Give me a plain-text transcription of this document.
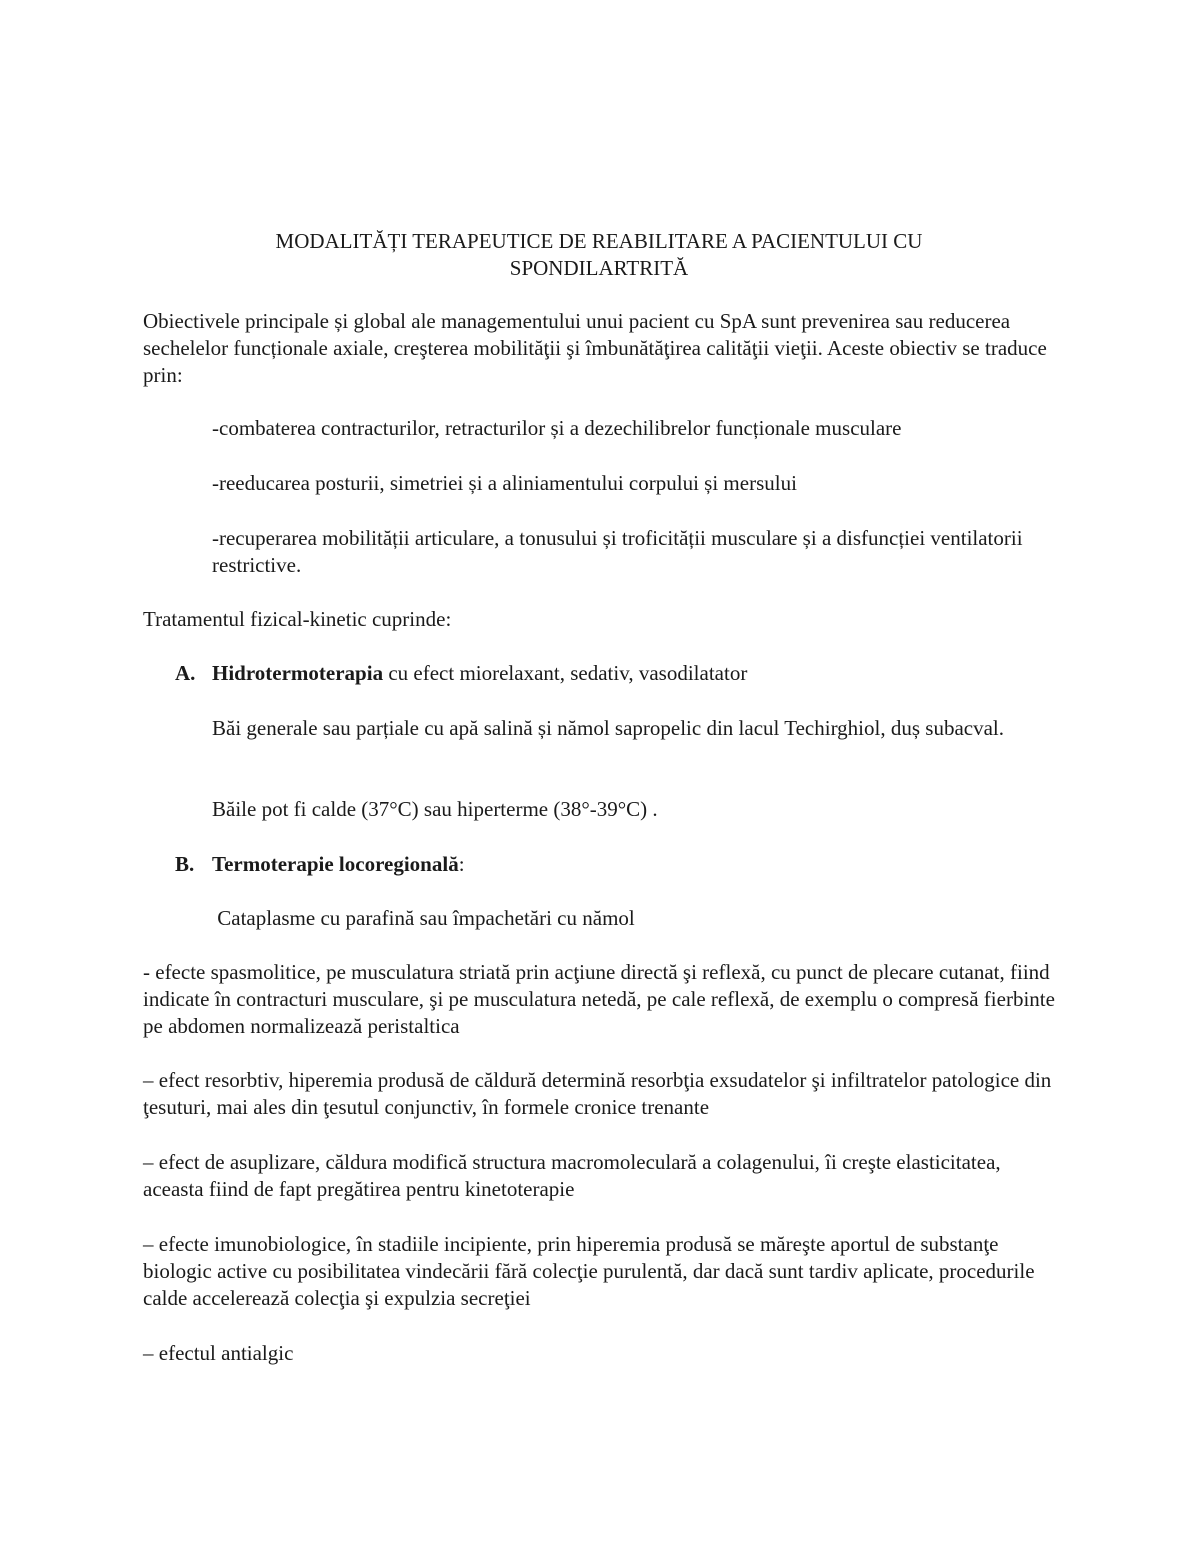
MODALITĂȚI TERAPEUTICE DE REABILITARE A PACIENTULUI CU
SPONDILARTRITĂ

Obiectivele principale și global ale managementului unui pacient cu SpA sunt prevenirea sau reducerea sechelelor funcționale axiale, creşterea mobilităţii şi îmbunătăţirea calităţii vieţii. Aceste obiectiv se traduce prin:

-combaterea contracturilor, retracturilor și a dezechilibrelor funcționale musculare

-reeducarea posturii, simetriei și a aliniamentului corpului și mersului

-recuperarea mobilității articulare, a tonusului și troficității musculare și a disfuncției ventilatorii restrictive.

Tratamentul fizical-kinetic cuprinde:

A. Hidrotermoterapia cu efect miorelaxant, sedativ, vasodilatator

Băi generale sau parțiale cu apă salină și nămol sapropelic din lacul Techirghiol, duș subacval.

Băile pot fi calde (37°C) sau hiperterme (38°-39°C) .

B. Termoterapie locoregională:

Cataplasme cu parafină sau împachetări cu nămol

- efecte spasmolitice, pe musculatura striată prin acţiune directă şi reflexă, cu punct de plecare cutanat, fiind indicate în contracturi musculare, şi pe musculatura netedă, pe cale reflexă, de exemplu o compresă fierbinte pe abdomen normalizează peristaltica

– efect resorbtiv, hiperemia produsă de căldură determină resorbţia exsudatelor şi infiltratelor patologice din ţesuturi, mai ales din ţesutul conjunctiv, în formele cronice trenante

– efect de asuplizare, căldura modifică structura macromoleculară a colagenului, îi creşte elasticitatea, aceasta fiind de fapt pregătirea pentru kinetoterapie

– efecte imunobiologice, în stadiile incipiente, prin hiperemia produsă se măreşte aportul de substanţe biologic active cu posibilitatea vindecării fără colecţie purulentă, dar dacă sunt tardiv aplicate, procedurile calde accelerează colecţia şi expulzia secreţiei

– efectul antialgic
